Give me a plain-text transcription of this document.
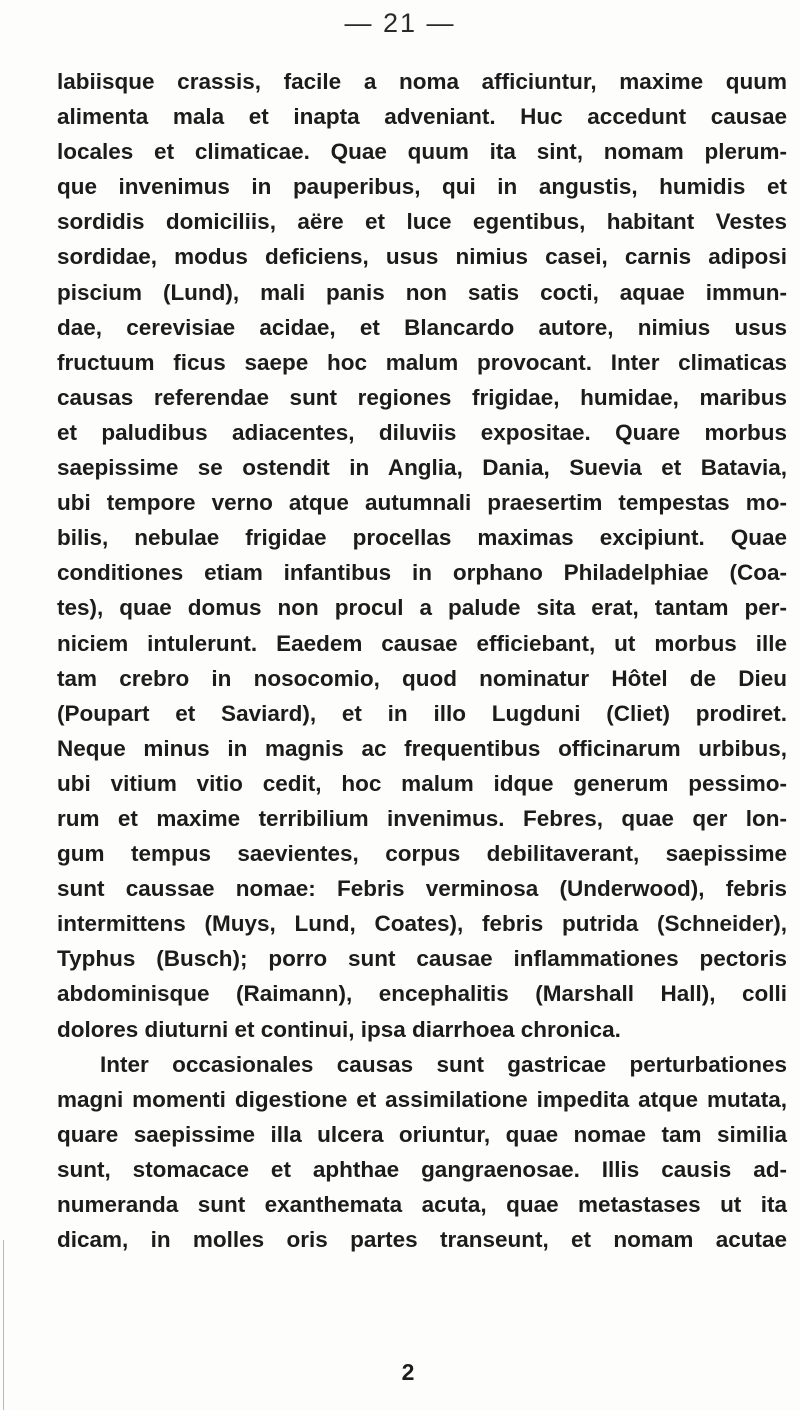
— 21 —
labiisque crassis, facile a noma afficiuntur, maxime quum
alimenta mala et inapta adveniant. Huc accedunt causae
locales et climaticae. Quae quum ita sint, nomam plerum-
que invenimus in pauperibus, qui in angustis, humidis et
sordidis domiciliis, aëre et luce egentibus, habitant Vestes
sordidae, modus deficiens, usus nimius casei, carnis adiposi
piscium (Lund), mali panis non satis cocti, aquae immun-
dae, cerevisiae acidae, et Blancardo autore, nimius usus
fructuum ficus saepe hoc malum provocant. Inter climaticas
causas referendae sunt regiones frigidae, humidae, maribus
et paludibus adiacentes, diluviis expositae. Quare morbus
saepissime se ostendit in Anglia, Dania, Suevia et Batavia,
ubi tempore verno atque autumnali praesertim tempestas mo-
bilis, nebulae frigidae procellas maximas excipiunt. Quae
conditiones etiam infantibus in orphano Philadelphiae (Coa-
tes), quae domus non procul a palude sita erat, tantam per-
niciem intulerunt. Eaedem causae efficiebant, ut morbus ille
tam crebro in nosocomio, quod nominatur Hôtel de Dieu
(Poupart et Saviard), et in illo Lugduni (Cliet) prodiret.
Neque minus in magnis ac frequentibus officinarum urbibus,
ubi vitium vitio cedit, hoc malum idque generum pessimo-
rum et maxime terribilium invenimus. Febres, quae qer lon-
gum tempus saevientes, corpus debilitaverant, saepissime
sunt caussae nomae: Febris verminosa (Underwood), febris
intermittens (Muys, Lund, Coates), febris putrida (Schneider),
Typhus (Busch); porro sunt causae inflammationes pectoris
abdominisque (Raimann), encephalitis (Marshall Hall), colli
dolores diuturni et continui, ipsa diarrhoea chronica.
Inter occasionales causas sunt gastricae perturbationes
magni momenti digestione et assimilatione impedita atque mutata,
quare saepissime illa ulcera oriuntur, quae nomae tam similia
sunt, stomacace et aphthae gangraenosae. Illis causis ad-
numeranda sunt exanthemata acuta, quae metastases ut ita
dicam, in molles oris partes transeunt, et nomam acutae
2
